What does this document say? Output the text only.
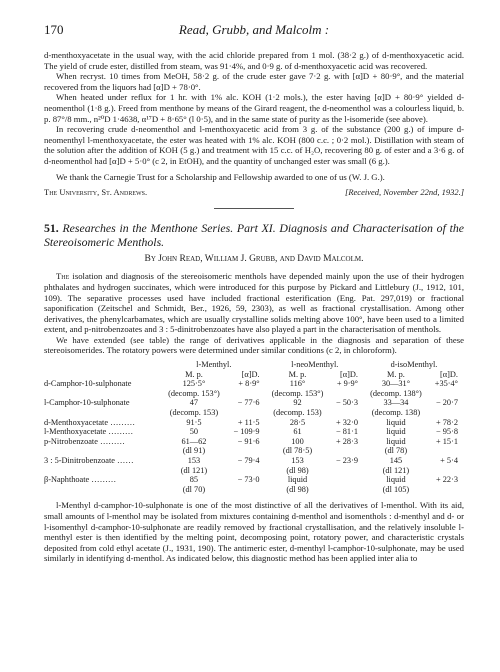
170	Read, Grubb, and Malcolm :

d-menthoxyacetate in the usual way, with the acid chloride prepared from 1 mol. (38·2 g.) of d-menthoxyacetic acid. The yield of crude ester, distilled from steam, was 91·4%, and 0·9 g. of d-menthoxyacetic acid was recovered.

When recryst. 10 times from MeOH, 58·2 g. of the crude ester gave 7·2 g. with [α]D + 80·9°, and the material recovered from the liquors had [α]D + 78·0°.

When heated under reflux for 1 hr. with 1% alc. KOH (1·2 mols.), the ester having [α]D + 80·9° yielded d-neomenthol (1·8 g.). Freed from menthone by means of the Girard reagent, the d-neomenthol was a colourless liquid, b. p. 87°/8 mm., n²⁰D 1·4638, α¹⁷D + 8·65° (l 0·5), and in the same state of purity as the l-isomeride (see above).

In recovering crude d-neomenthol and l-menthoxyacetic acid from 3 g. of the substance (200 g.) of impure d-neomenthyl l-menthoxyacetate, the ester was heated with 1% alc. KOH (800 c.c. ; 0·2 mol.). Distillation with steam of the solution after the addition of KOH (5 g.) and treatment with 15 c.c. of H₂O, recovering 80 g. of ester and a 3·6 g. of d-neomenthol had [α]D + 5·0° (c 2, in EtOH), and the quantity of unchanged ester was small (6 g.).

We thank the Carnegie Trust for a Scholarship and Fellowship awarded to one of us (W. J. G.).

The University, St. Andrews.	[Received, November 22nd, 1932.]

51. Researches in the Menthone Series. Part XI. Diagnosis and Characterisation of the Stereoisomeric Menthols.

By John Read, William J. Grubb, and David Malcolm.

The isolation and diagnosis of the stereoisomeric menthols have depended mainly upon the use of their hydrogen phthalates and hydrogen succinates, which were introduced for this purpose by Pickard and Littlebury (J., 1912, 101, 109). The separative processes used have included fractional esterification (Eng. Pat. 297,019) or fractional saponification (Zeitschel and Schmidt, Ber., 1926, 59, 2303), as well as fractional crystallisation. Among other derivatives, the phenylcarbamates, which are usually crystalline solids melting above 100°, have been used to a limited extent, and p-nitrobenzoates and 3 : 5-dinitrobenzoates have also played a part in the characterisation of menthols.

We have extended (see table) the range of derivatives applicable in the diagnosis and separation of these stereoisomerides. The rotatory powers were determined under similar conditions (c 2, in chloroform).

	l-Menthyl.		l-neoMenthyl.		d-isoMenthyl.	
	M. p.	[α]D.	M. p.	[α]D.	M. p.	[α]D.
d-Camphor-10-sulphonate	125·5°	+ 8·9°	116°	+ 9·9°	30—31°	+35·4°
	(decomp. 153°)		(decomp. 153°)		(decomp. 138°)	
l-Camphor-10-sulphonate	47	− 77·6	92	− 50·3	33—34	− 20·7
	(decomp. 153)		(decomp. 153)		(decomp. 138)	
d-Menthoxyacetate ………	91·5	+ 11·5	28·5	+ 32·0	liquid	+ 78·2
l-Menthoxyacetate ………	50	− 109·9	61	− 81·1	liquid	− 95·8
p-Nitrobenzoate ………	61—62	− 91·6	100	+ 28·3	liquid	+ 15·1
	(dl 91)		(dl 78·5)		(dl 78)	
3 : 5-Dinitrobenzoate ……	153	− 79·4	153	− 23·9	145	+ 5·4
	(dl 121)		(dl 98)		(dl 121)	
β-Naphthoate ………	85	− 73·0	liquid		liquid	+ 22·3
	(dl 70)		(dl 98)		(dl 105)	

l-Menthyl d-camphor-10-sulphonate is one of the most distinctive of all the derivatives of l-menthol. With its aid, small amounts of l-menthol may be isolated from mixtures containing d-menthol and isomenthols : d-menthyl and d- or l-isomenthyl d-camphor-10-sulphonate are readily removed by fractional crystallisation, and the relatively insoluble l-menthyl ester is then identified by the melting point, decomposing point, rotatory power, and characteristic crystals deposited from cold ethyl acetate (J., 1931, 190). The antimeric ester, d-menthyl l-camphor-10-sulphonate, may be used similarly in identifying d-menthol. As indicated below, this diagnostic method has been applied inter alia to
